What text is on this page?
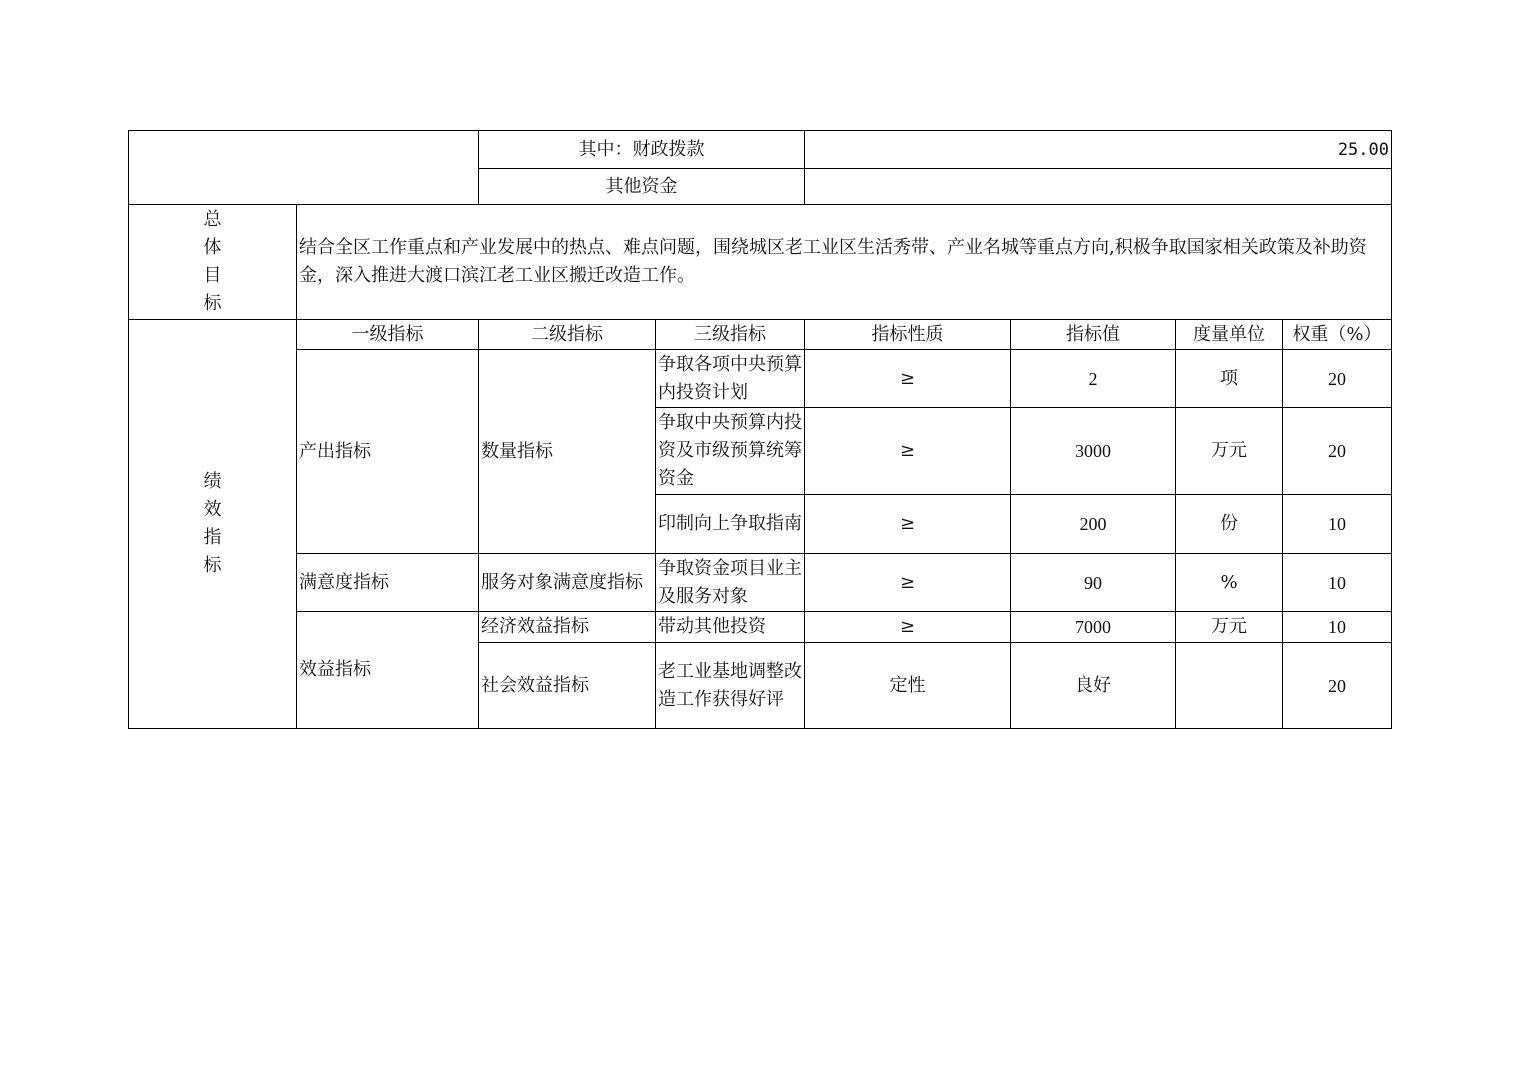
		其中：财政拨款		25.00			
		其他资金					

总
体
目
标	结合全区工作重点和产业发展中的热点、难点问题，围绕城区老工业区生活秀带、产业名城等重点方向,积极争取国家相关政策及补助资金，深入推进大渡口滨江老工业区搬迁改造工作。						

绩
效
指
标	一级指标	二级指标	三级指标	指标性质	指标值	度量单位	权重（%）
	产出指标	数量指标	争取各项中央预算内投资计划	≥	2	项	20
			争取中央预算内投资及市级预算统筹资金	≥	3000	万元	20
			印制向上争取指南	≥	200	份	10
	满意度指标	服务对象满意度指标	争取资金项目业主及服务对象	≥	90	%	10
	效益指标	经济效益指标	带动其他投资	≥	7000	万元	10
		社会效益指标	老工业基地调整改造工作获得好评	定性	良好		20
